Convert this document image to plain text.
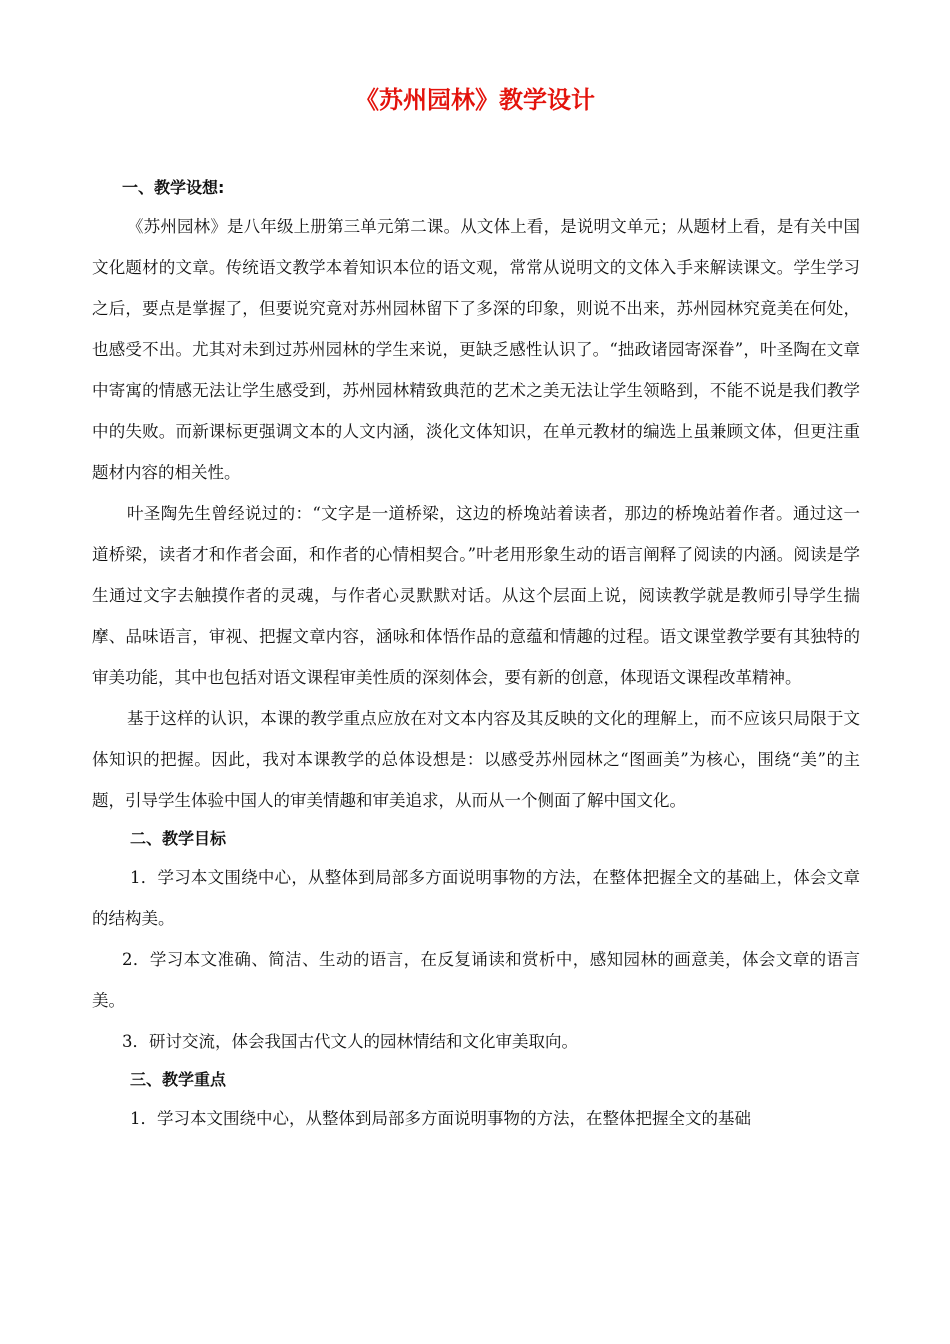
《苏州园林》教学设计
一、教学设想:

《苏州园林》是八年级上册第三单元第二课。从文体上看，是说明文单元；从题材上看，是有关中国文化题材的文章。传统语文教学本着知识本位的语文观，常常从说明文的文体入手来解读课文。学生学习之后，要点是掌握了，但要说究竟对苏州园林留下了多深的印象，则说不出来，苏州园林究竟美在何处，也感受不出。尤其对未到过苏州园林的学生来说，更缺乏感性认识了。“拙政诸园寄深眷”，叶圣陶在文章中寄寓的情感无法让学生感受到，苏州园林精致典范的艺术之美无法让学生领略到，不能不说是我们教学中的失败。而新课标更强调文本的人文内涵，淡化文体知识，在单元教材的编选上虽兼顾文体，但更注重题材内容的相关性。

叶圣陶先生曾经说过的：“文字是一道桥梁，这边的桥堍站着读者，那边的桥堍站着作者。通过这一道桥梁，读者才和作者会面，和作者的心情相契合。”叶老用形象生动的语言阐释了阅读的内涵。阅读是学生通过文字去触摸作者的灵魂，与作者心灵默默对话。从这个层面上说，阅读教学就是教师引导学生揣摩、品味语言，审视、把握文章内容，涵咏和体悟作品的意蕴和情趣的过程。语文课堂教学要有其独特的审美功能，其中也包括对语文课程审美性质的深刻体会，要有新的创意，体现语文课程改革精神。

基于这样的认识，本课的教学重点应放在对文本内容及其反映的文化的理解上，而不应该只局限于文体知识的把握。因此，我对本课教学的总体设想是：以感受苏州园林之“图画美”为核心，围绕“美”的主题，引导学生体验中国人的审美情趣和审美追求，从而从一个侧面了解中国文化。

二、教学目标

1．学习本文围绕中心，从整体到局部多方面说明事物的方法，在整体把握全文的基础上，体会文章的结构美。

2．学习本文准确、简洁、生动的语言，在反复诵读和赏析中，感知园林的画意美，体会文章的语言美。

3．研讨交流，体会我国古代文人的园林情结和文化审美取向。

三、教学重点

1．学习本文围绕中心，从整体到局部多方面说明事物的方法，在整体把握全文的基础
